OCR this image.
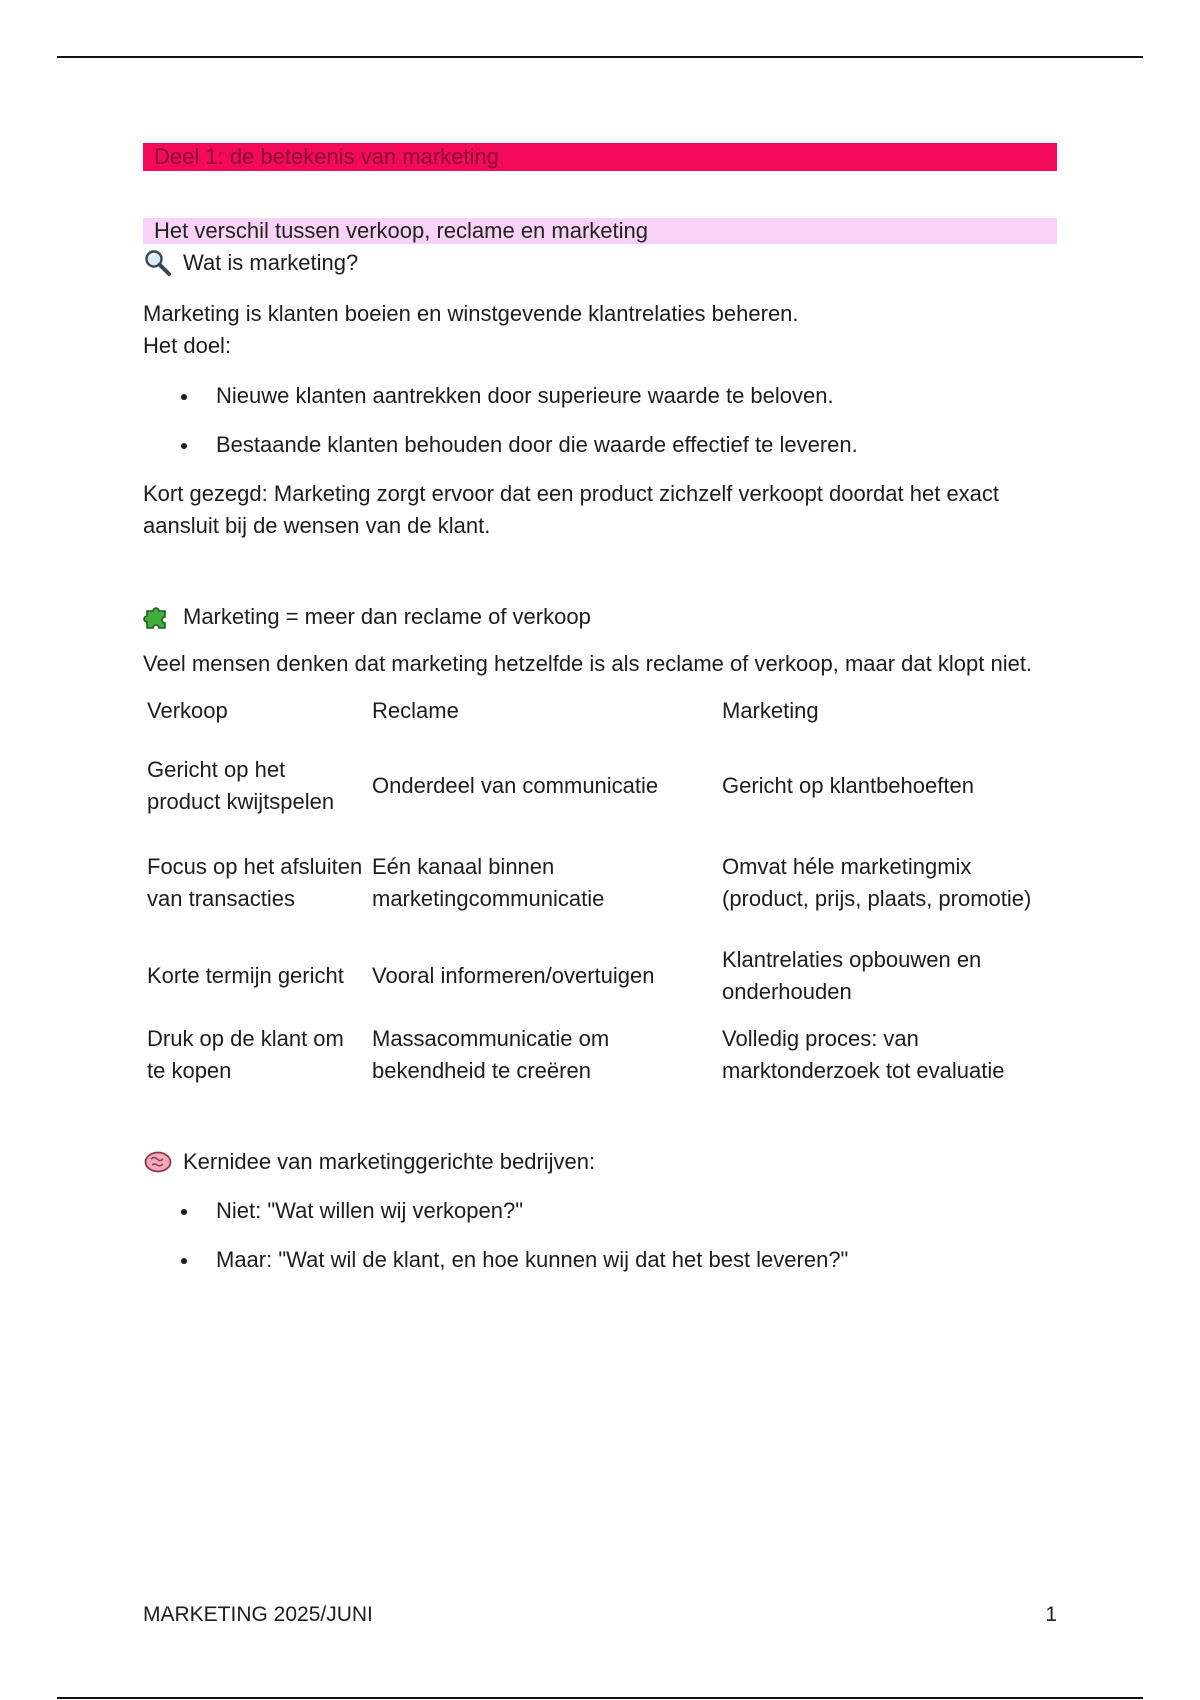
Deel 1: de betekenis van marketing
Het verschil tussen verkoop, reclame en marketing
Wat is marketing?

Marketing is klanten boeien en winstgevende klantrelaties beheren.

Het doel:

Nieuwe klanten aantrekken door superieure waarde te beloven.
Bestaande klanten behouden door die waarde effectief te leveren.

Kort gezegd: Marketing zorgt ervoor dat een product zichzelf verkoopt doordat het exact aansluit bij de wensen van de klant.

Marketing = meer dan reclame of verkoop

Veel mensen denken dat marketing hetzelfde is als reclame of verkoop, maar dat klopt niet.

Verkoop	Reclame	Marketing
Gericht op het product kwijtspelen	Onderdeel van communicatie	Gericht op klantbehoeften
Focus op het afsluiten van transacties	Eén kanaal binnen marketingcommunicatie	Omvat héle marketingmix (product, prijs, plaats, promotie)
Korte termijn gericht	Vooral informeren/overtuigen	Klantrelaties opbouwen en onderhouden
Druk op de klant om te kopen	Massacommunicatie om bekendheid te creëren	Volledig proces: van marktonderzoek tot evaluatie
Kernidee van marketinggerichte bedrijven:
Niet: "Wat willen wij verkopen?"
Maar: "Wat wil de klant, en hoe kunnen wij dat het best leveren?"
MARKETING 2025/JUNI	1
